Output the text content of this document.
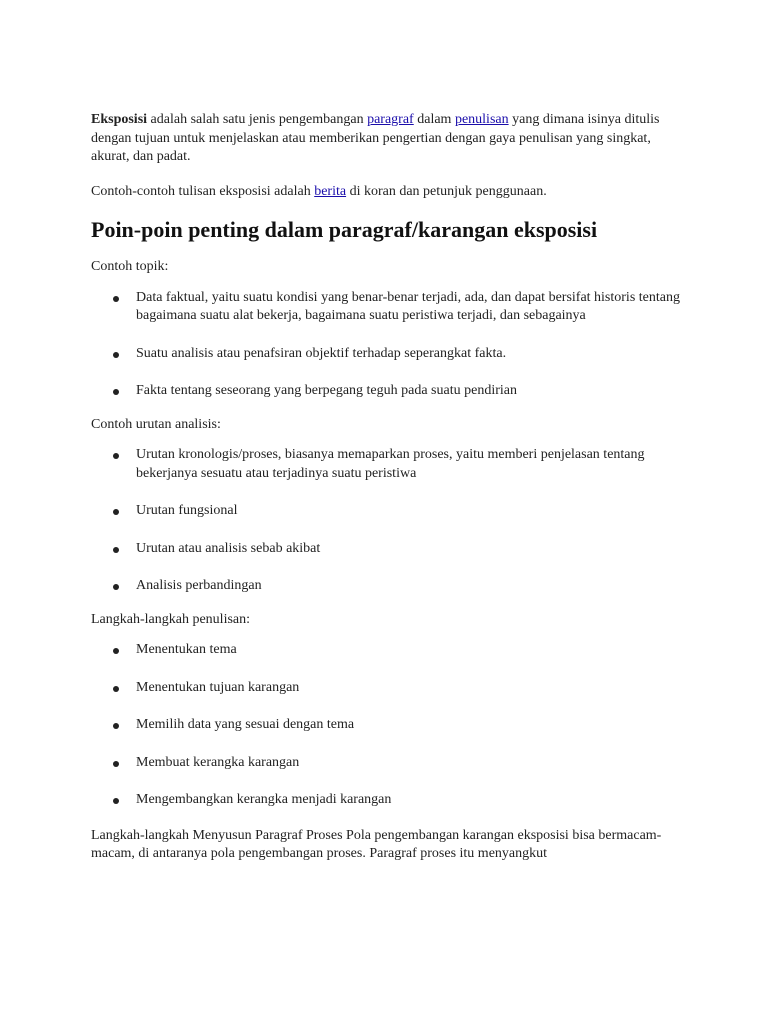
Eksposisi adalah salah satu jenis pengembangan paragraf dalam penulisan yang dimana isinya ditulis dengan tujuan untuk menjelaskan atau memberikan pengertian dengan gaya penulisan yang singkat, akurat, dan padat.

Contoh-contoh tulisan eksposisi adalah berita di koran dan petunjuk penggunaan.

Poin-poin penting dalam paragraf/karangan eksposisi

Contoh topik:

Data faktual, yaitu suatu kondisi yang benar-benar terjadi, ada, dan dapat bersifat historis tentang bagaimana suatu alat bekerja, bagaimana suatu peristiwa terjadi, dan sebagainya
Suatu analisis atau penafsiran objektif terhadap seperangkat fakta.
Fakta tentang seseorang yang berpegang teguh pada suatu pendirian

Contoh urutan analisis:

Urutan kronologis/proses, biasanya memaparkan proses, yaitu memberi penjelasan tentang bekerjanya sesuatu atau terjadinya suatu peristiwa
Urutan fungsional
Urutan atau analisis sebab akibat
Analisis perbandingan

Langkah-langkah penulisan:

Menentukan tema
Menentukan tujuan karangan
Memilih data yang sesuai dengan tema
Membuat kerangka karangan
Mengembangkan kerangka menjadi karangan

Langkah-langkah Menyusun Paragraf Proses Pola pengembangan karangan eksposisi bisa bermacam-macam, di antaranya pola pengembangan proses. Paragraf proses itu menyangkut
